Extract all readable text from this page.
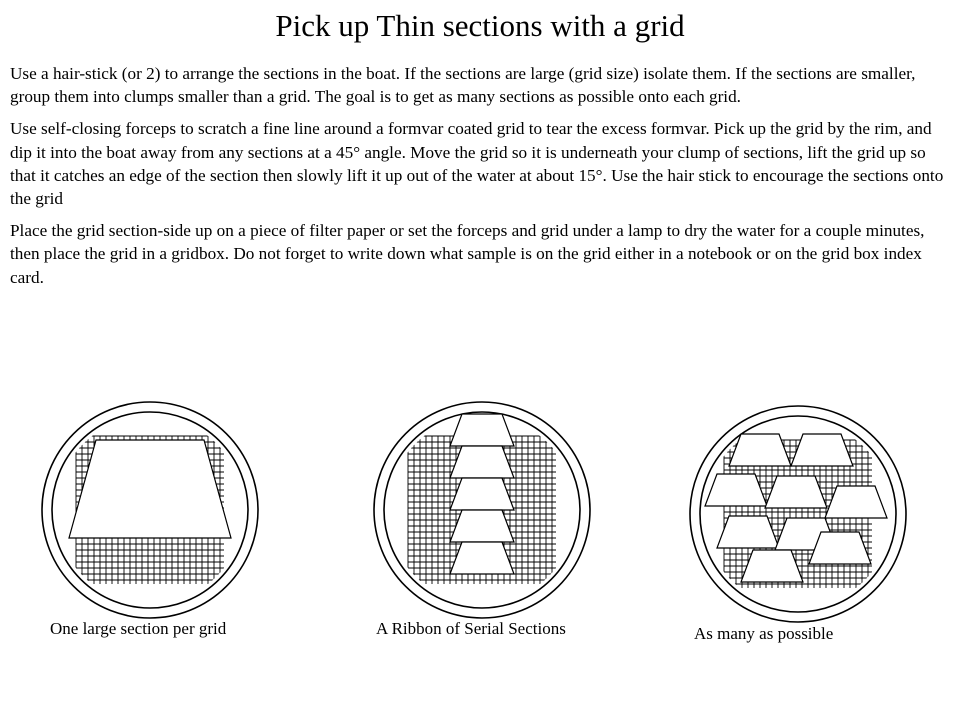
Pick up Thin sections with a grid

Use a hair-stick (or 2) to arrange the sections in the boat. If the sections are large (grid size) isolate them. If the sections are smaller, group them into clumps smaller than a grid. The goal is to get as many sections as possible onto each grid.

Use self-closing forceps to scratch a fine line around a formvar coated grid to tear the excess formvar. Pick up the grid by the rim, and dip it into the boat away from any sections at a 45° angle. Move the grid so it is underneath your clump of sections, lift the grid up so that it catches an edge of the section then slowly lift it up out of the water at about 15°. Use the hair stick to encourage the sections onto the grid

Place the grid section-side up on a piece of filter paper or set the forceps and grid under a lamp to dry the water for a couple minutes, then place the grid in a gridbox. Do not forget to write down what sample is on the grid either in a notebook or on the grid box index card.

One large section per grid	A Ribbon of Serial Sections	As many as possible
